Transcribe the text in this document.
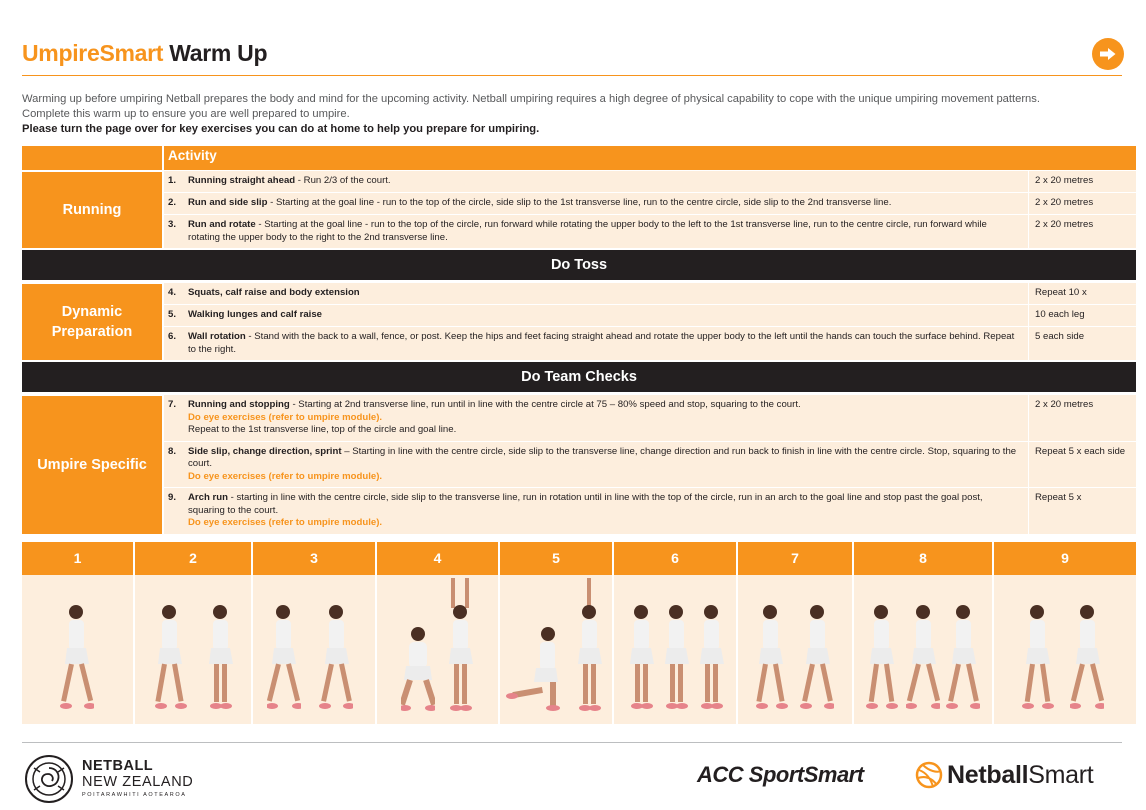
UmpireSmart Warm Up

Warming up before umpiring Netball prepares the body and mind for the upcoming activity. Netball umpiring requires a high degree of physical capability to cope with the unique umpiring movement patterns.

Complete this warm up to ensure you are well prepared to umpire.

Please turn the page over for key exercises you can do at home to help you prepare for umpiring.

	Activity	
Running	1. Running straight ahead - Run 2/3 of the court.	2 x 20 metres

	2. Run and side slip - Starting at the goal line - run to the top of the circle, side slip to the 1st transverse line, run to the centre circle, side slip to the 2nd transverse line.	2 x 20 metres

	3. Run and rotate - Starting at the goal line - run to the top of the circle, run forward while rotating the upper body to the left to the 1st transverse line, run to the centre circle, run forward while rotating the upper body to the right to the 2nd transverse line.	2 x 20 metres
Do Toss		
Dynamic Preparation	4. Squats, calf raise and body extension	Repeat 10 x

	5. Walking lunges and calf raise	10 each leg

	6. Wall rotation - Stand with the back to a wall, fence, or post. Keep the hips and feet facing straight ahead and rotate the upper body to the left until the hands can touch the surface behind. Repeat to the right.	5 each side
Do Team Checks		
Umpire Specific	7. Running and stopping - Starting at 2nd transverse line, run until in line with the centre circle at 75 – 80% speed and stop, squaring to the court.
Do eye exercises (refer to umpire module).
Repeat to the 1st transverse line, top of the circle and goal line.	2 x 20 metres

	8. Side slip, change direction, sprint – Starting in line with the centre circle, side slip to the transverse line, change direction and run back to finish in line with the centre circle. Stop, squaring to the court.
Do eye exercises (refer to umpire module).	Repeat 5 x each side

	9. Arch run - starting in line with the centre circle, side slip to the transverse line, run in rotation until in line with the top of the circle, run in an arch to the goal line and stop past the goal post, squaring to the court.
Do eye exercises (refer to umpire module).	Repeat 5 x
1	2	3	4	5	6	7	8	9
NETBALL
NEW ZEALAND
POITARAWHITI AOTEAROA
ACC SportSmart	NetballSmart
